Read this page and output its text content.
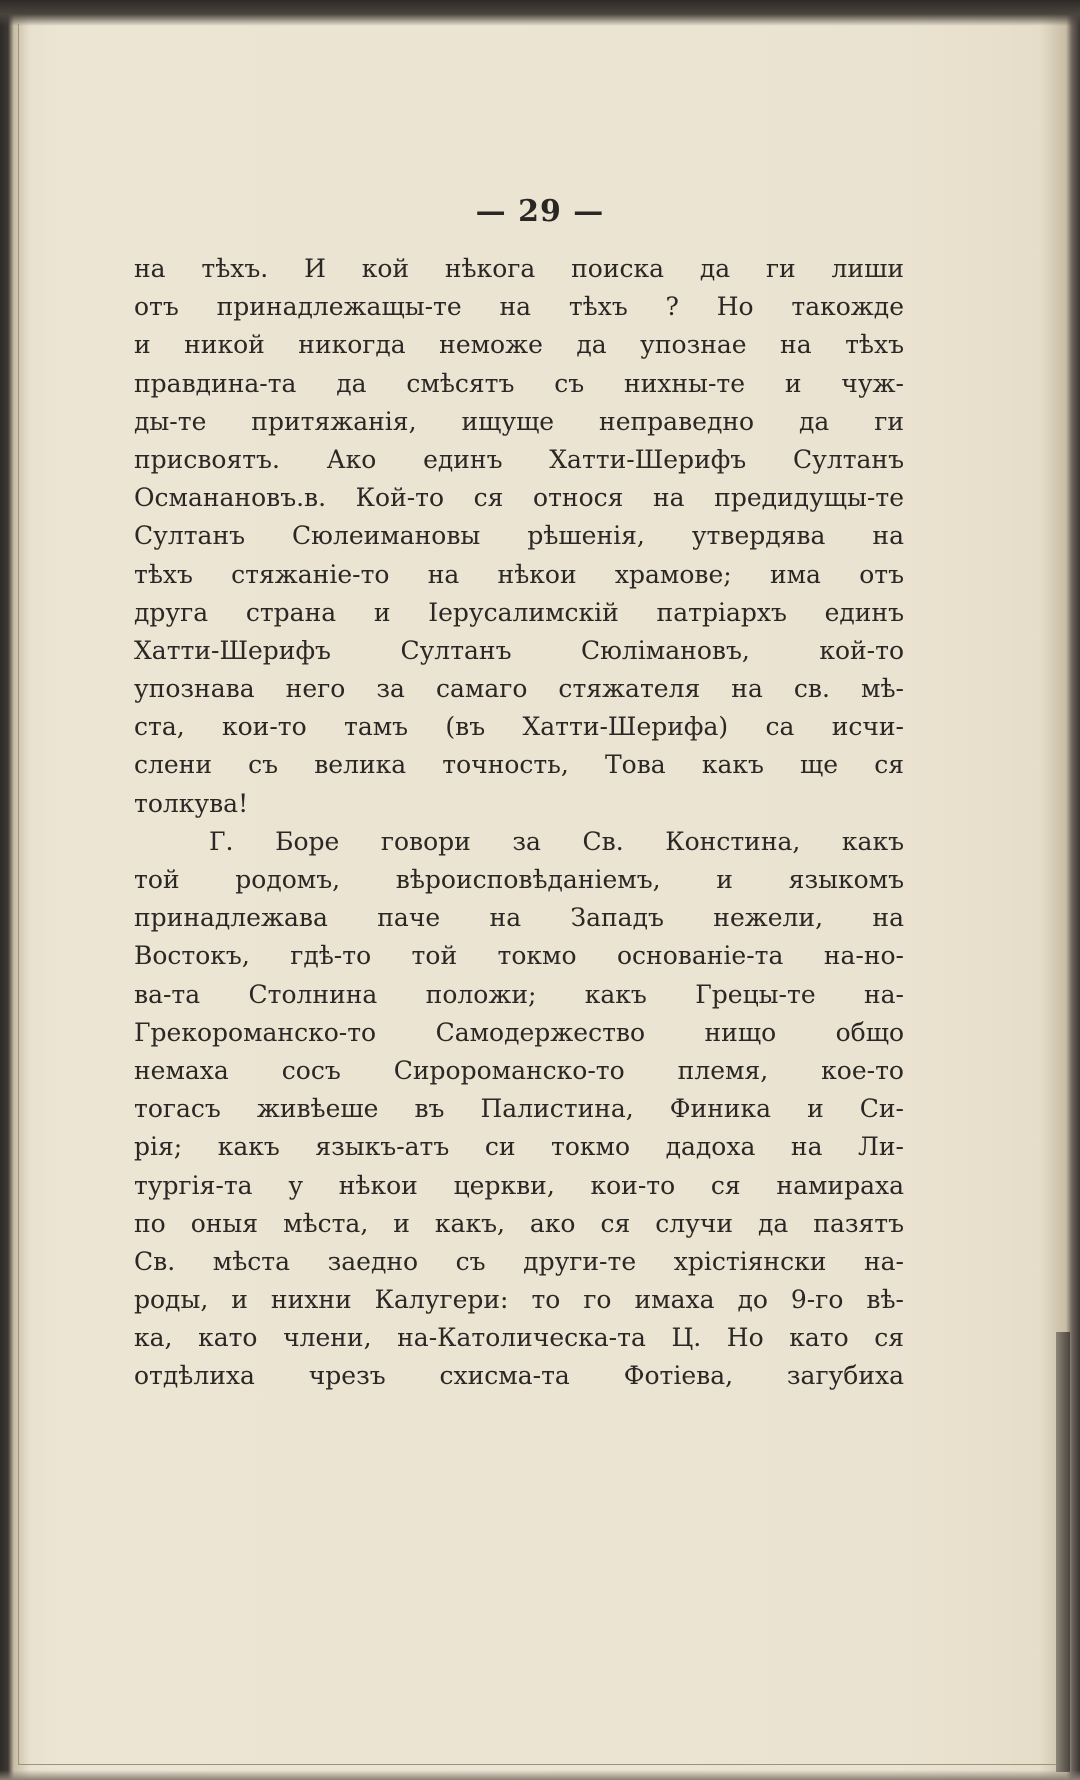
— 29 —
на тѣхъ. И кой нѣкога поиска да ги лиши
отъ принадлежащы-те на тѣхъ ? Но такожде
и никой никогда неможе да упознае на тѣхъ
правдина-та да смѣсятъ съ нихны-те и чуж-
ды-те притяжанія, ищуще неправедно да ги
присвоятъ. Ако единъ Хатти-Шерифъ Султанъ
Османановъ.в. Кой-то ся относя на предидущы-те
Султанъ Сюлеимановы рѣшенія, утвердява на
тѣхъ стяжаніе-то на нѣкои храмове; има отъ
друга страна и Іерусалимскій патріархъ единъ
Хатти-Шерифъ Султанъ Сюлімановъ, кой-то
упознава него за самаго стяжателя на св. мѣ-
ста, кои-то тамъ (въ Хатти-Шерифа) са исчи-
слени съ велика точность, Това какъ ще ся
толкува!
Г. Боре говори за Св. Констина, какъ
той родомъ, вѣроисповѣданіемъ, и языкомъ
принадлежава паче на Западъ нежели, на
Востокъ, гдѣ-то той токмо основаніе-та на-но-
ва-та Столнина положи; какъ Грецы-те на-
Грекороманско-то Самодержество нищо общо
немаха сосъ Сиророманско-то племя, кое-то
тогасъ живѣеше въ Палистина, Финика и Си-
рія; какъ языкъ-атъ си токмо дадоха на Ли-
тургія-та у нѣкои церкви, кои-то ся намираха
по оныя мѣста, и какъ, ако ся случи да пазятъ
Св. мѣста заедно съ други-те хрістіянски на-
роды, и нихни Калугери: то го имаха до 9-го вѣ-
ка, като члени, на-Католическа-та Ц. Но като ся
отдѣлиха чрезъ схисма-та Фотіева, загубиха
